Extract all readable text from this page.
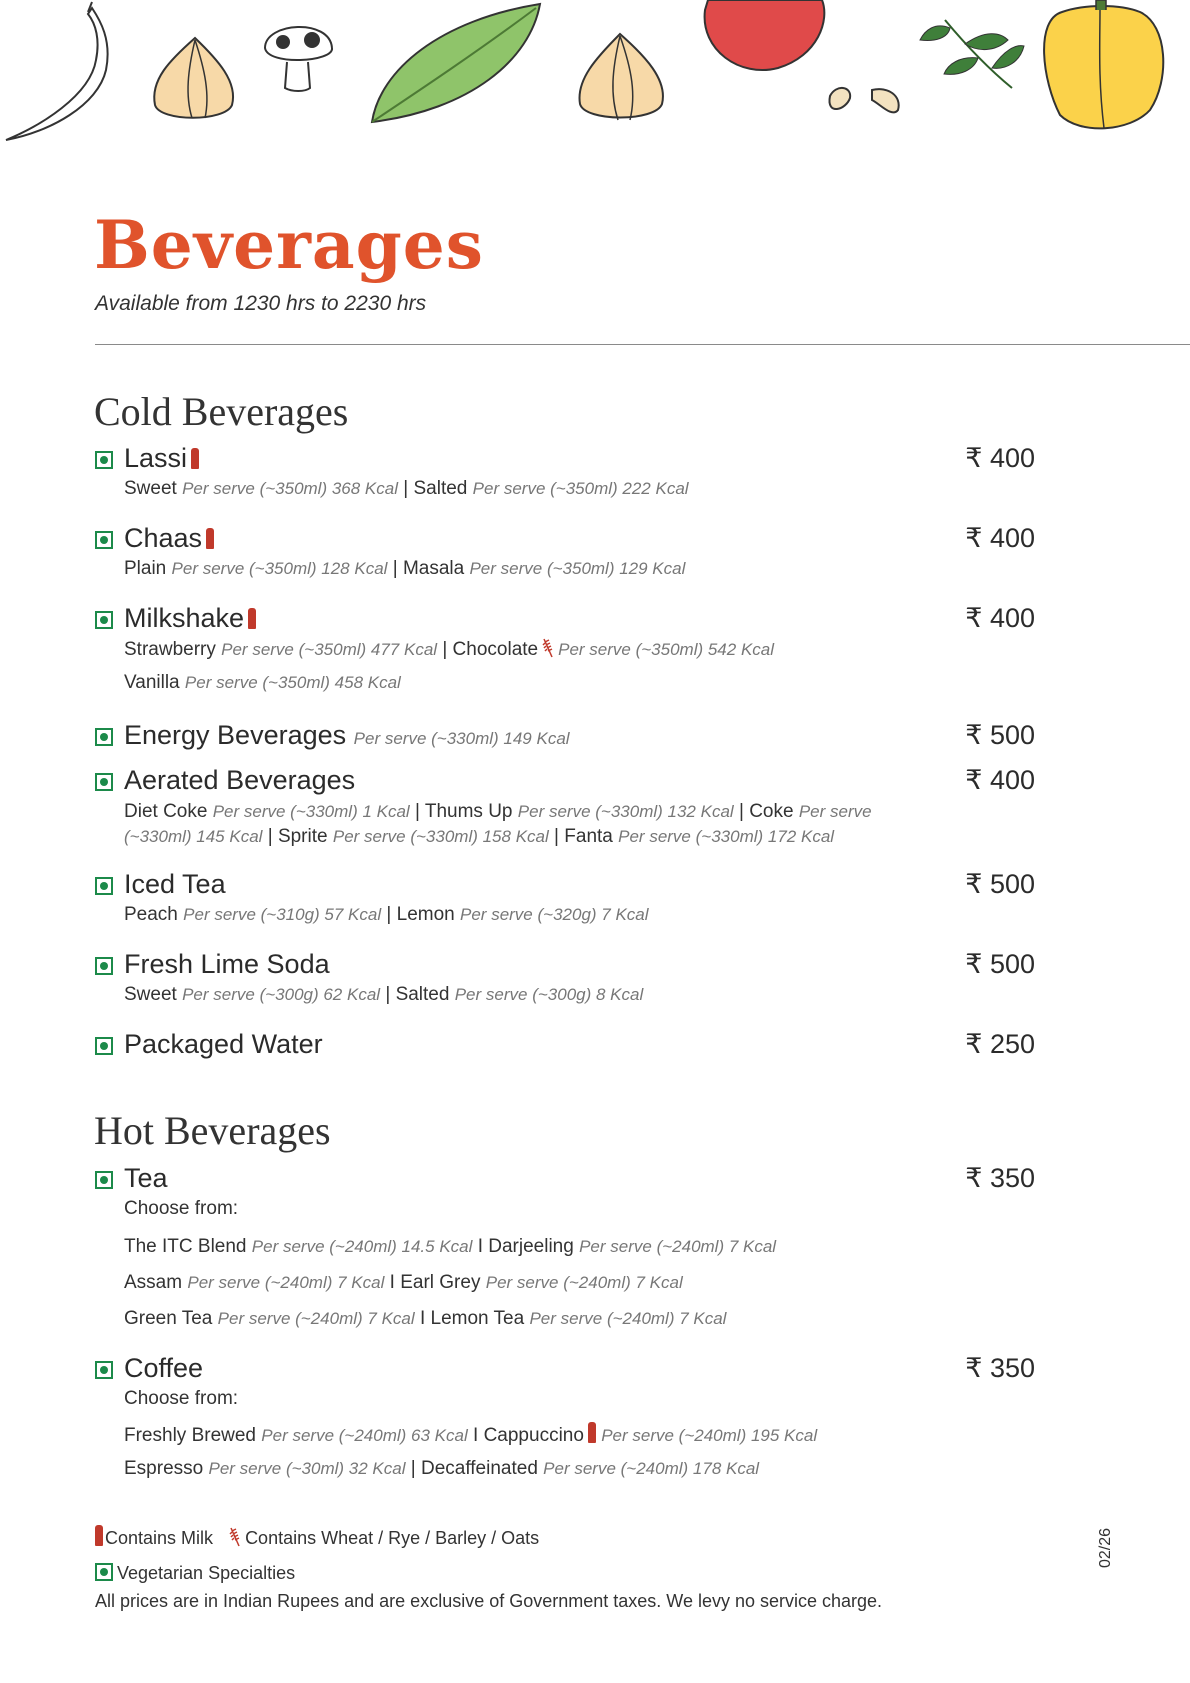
Beverages
Available from 1230 hrs to 2230 hrs
Cold Beverages
Lassi	₹ 400
Sweet Per serve (~350ml) 368 Kcal | Salted Per serve (~350ml) 222 Kcal
Chaas	₹ 400
Plain Per serve (~350ml) 128 Kcal | Masala Per serve (~350ml) 129 Kcal
Milkshake	₹ 400
Strawberry Per serve (~350ml) 477 Kcal | Chocolate Per serve (~350ml) 542 Kcal
Vanilla Per serve (~350ml) 458 Kcal
Energy Beverages Per serve (~330ml) 149 Kcal	₹ 500
Aerated Beverages	₹ 400
Diet Coke Per serve (~330ml) 1 Kcal | Thums Up Per serve (~330ml) 132 Kcal | Coke Per serve (~330ml) 145 Kcal | Sprite Per serve (~330ml) 158 Kcal | Fanta Per serve (~330ml) 172 Kcal
Iced Tea	₹ 500
Peach Per serve (~310g) 57 Kcal | Lemon Per serve (~320g) 7 Kcal
Fresh Lime Soda	₹ 500
Sweet Per serve (~300g) 62 Kcal | Salted Per serve (~300g) 8 Kcal
Packaged Water	₹ 250
Hot Beverages
Tea	₹ 350
Choose from:
The ITC Blend Per serve (~240ml) 14.5 Kcal I Darjeeling Per serve (~240ml) 7 Kcal
Assam Per serve (~240ml) 7 Kcal I Earl Grey Per serve (~240ml) 7 Kcal
Green Tea Per serve (~240ml) 7 Kcal I Lemon Tea Per serve (~240ml) 7 Kcal
Coffee	₹ 350
Choose from:
Freshly Brewed Per serve (~240ml) 63 Kcal I Cappuccino Per serve (~240ml) 195 Kcal
Espresso Per serve (~30ml) 32 Kcal | Decaffeinated Per serve (~240ml) 178 Kcal
Contains Milk Contains Wheat / Rye / Barley / Oats
Vegetarian Specialties
All prices are in Indian Rupees and are exclusive of Government taxes. We levy no service charge.
02/26
